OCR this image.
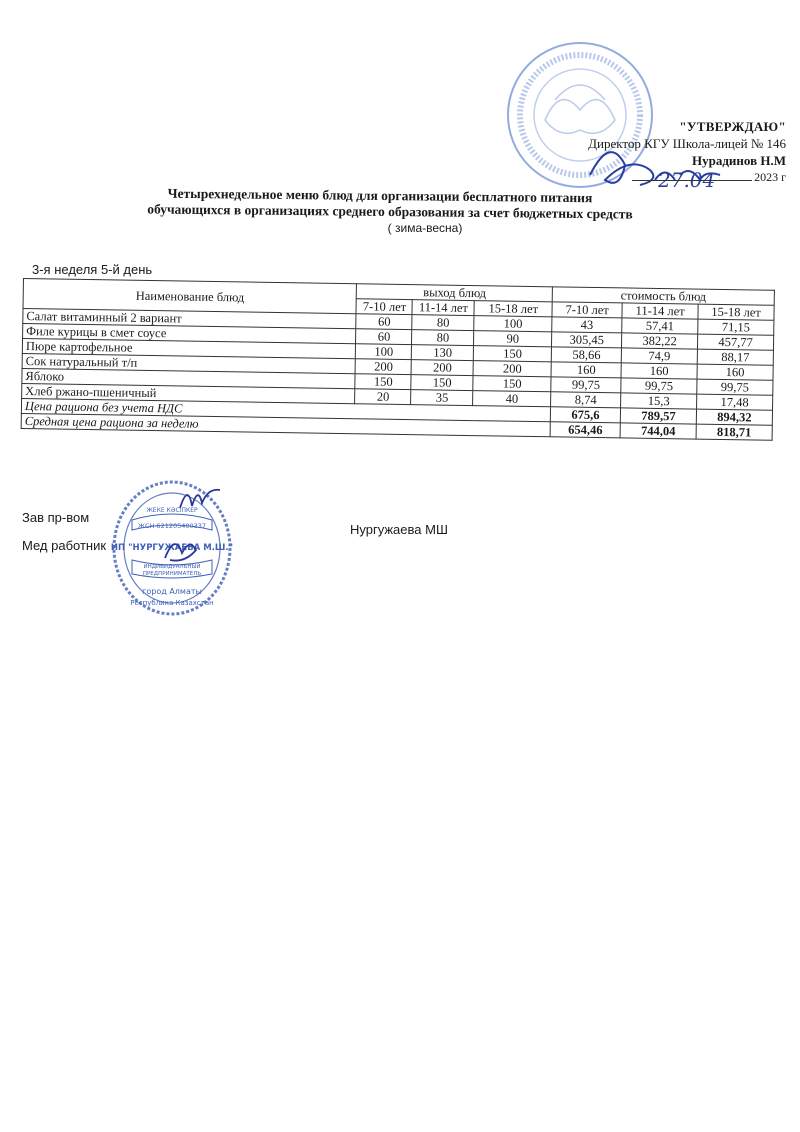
27.04
"УТВЕРЖДАЮ"
Директор КГУ Школа-лицей № 146
Нурадинов Н.М
2023 г
Четырехнедельное меню блюд для организации бесплатного питания
обучающихся в организациях среднего образования за счет бюджетных средств
( зима-весна)
3-я неделя 5-й день
Наименование блюд	выход блюд			стоимость блюд		
	7-10 лет	11-14 лет	15-18 лет	7-10 лет	11-14 лет	15-18 лет
Салат витаминный 2 вариант	60	80	100	43	57,41	71,15
Филе курицы в смет соусе	60	80	90	305,45	382,22	457,77
Пюре картофельное	100	130	150	58,66	74,9	88,17
Сок натуральный т/п	200	200	200	160	160	160
Яблоко	150	150	150	99,75	99,75	99,75
Хлеб ржано-пшеничный	20	35	40	8,74	15,3	17,48
Цена рациона без учета НДС				675,6	789,57	894,32
Средная цена рациона за неделю				654,46	744,04	818,71
Зав пр-вом
Мед работник
Нургужаева МШ
ЖЕКЕ КӘСІПКЕР
ЖСН 621205400337
ИП "НУРГУЖАЕВА М.Ш."
ИНДИВИДУАЛЬНЫЙ
ПРЕДПРИНИМАТЕЛЬ
город Алматы
Республика Казахстан
